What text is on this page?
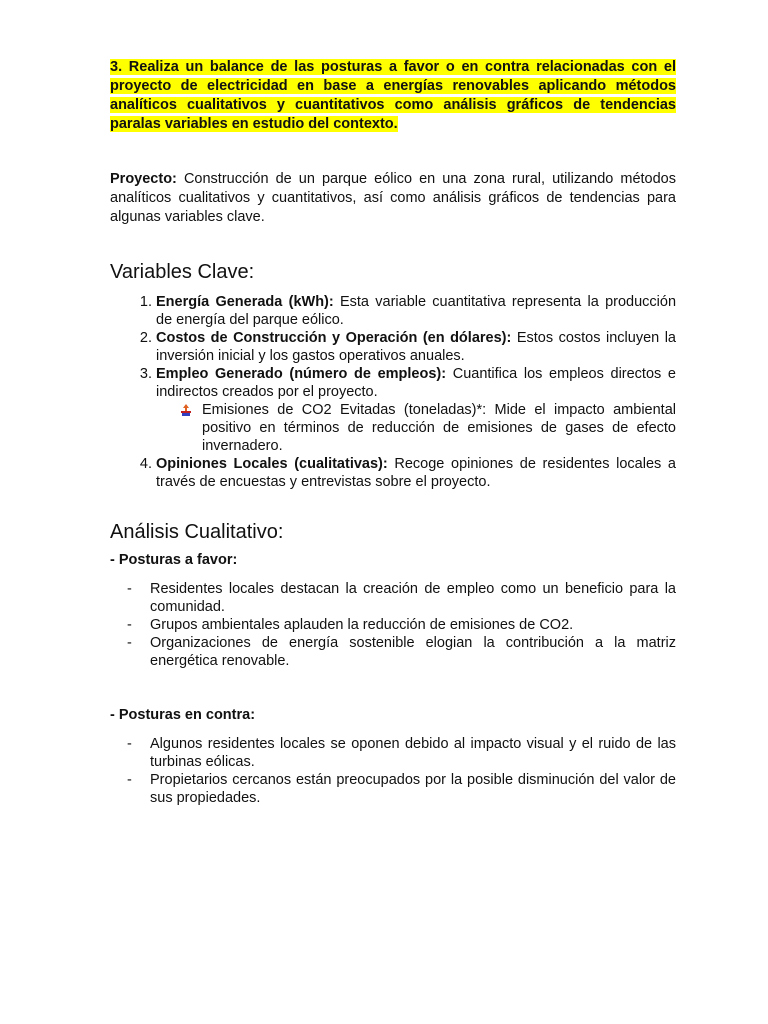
3. Realiza un balance de las posturas a favor o en contra relacionadas con el proyecto de electricidad en base a energías renovables aplicando métodos analíticos cualitativos y cuantitativos como análisis gráficos de tendencias paralas variables en estudio del contexto.

Proyecto: Construcción de un parque eólico en una zona rural, utilizando métodos analíticos cualitativos y cuantitativos, así como análisis gráficos de tendencias para algunas variables clave.

Variables Clave:
1. Energía Generada (kWh): Esta variable cuantitativa representa la producción de energía del parque eólico.
2. Costos de Construcción y Operación (en dólares): Estos costos incluyen la inversión inicial y los gastos operativos anuales.
3. Empleo Generado (número de empleos): Cuantifica los empleos directos e indirectos creados por el proyecto.
Emisiones de CO2 Evitadas (toneladas)*: Mide el impacto ambiental positivo en términos de reducción de emisiones de gases de efecto invernadero.
4. Opiniones Locales (cualitativas): Recoge opiniones de residentes locales a través de encuestas y entrevistas sobre el proyecto.
Análisis Cualitativo:

- Posturas a favor:

- Residentes locales destacan la creación de empleo como un beneficio para la comunidad.
- Grupos ambientales aplauden la reducción de emisiones de CO2.
- Organizaciones de energía sostenible elogian la contribución a la matriz energética renovable.

- Posturas en contra:

- Algunos residentes locales se oponen debido al impacto visual y el ruido de las turbinas eólicas.
- Propietarios cercanos están preocupados por la posible disminución del valor de sus propiedades.
